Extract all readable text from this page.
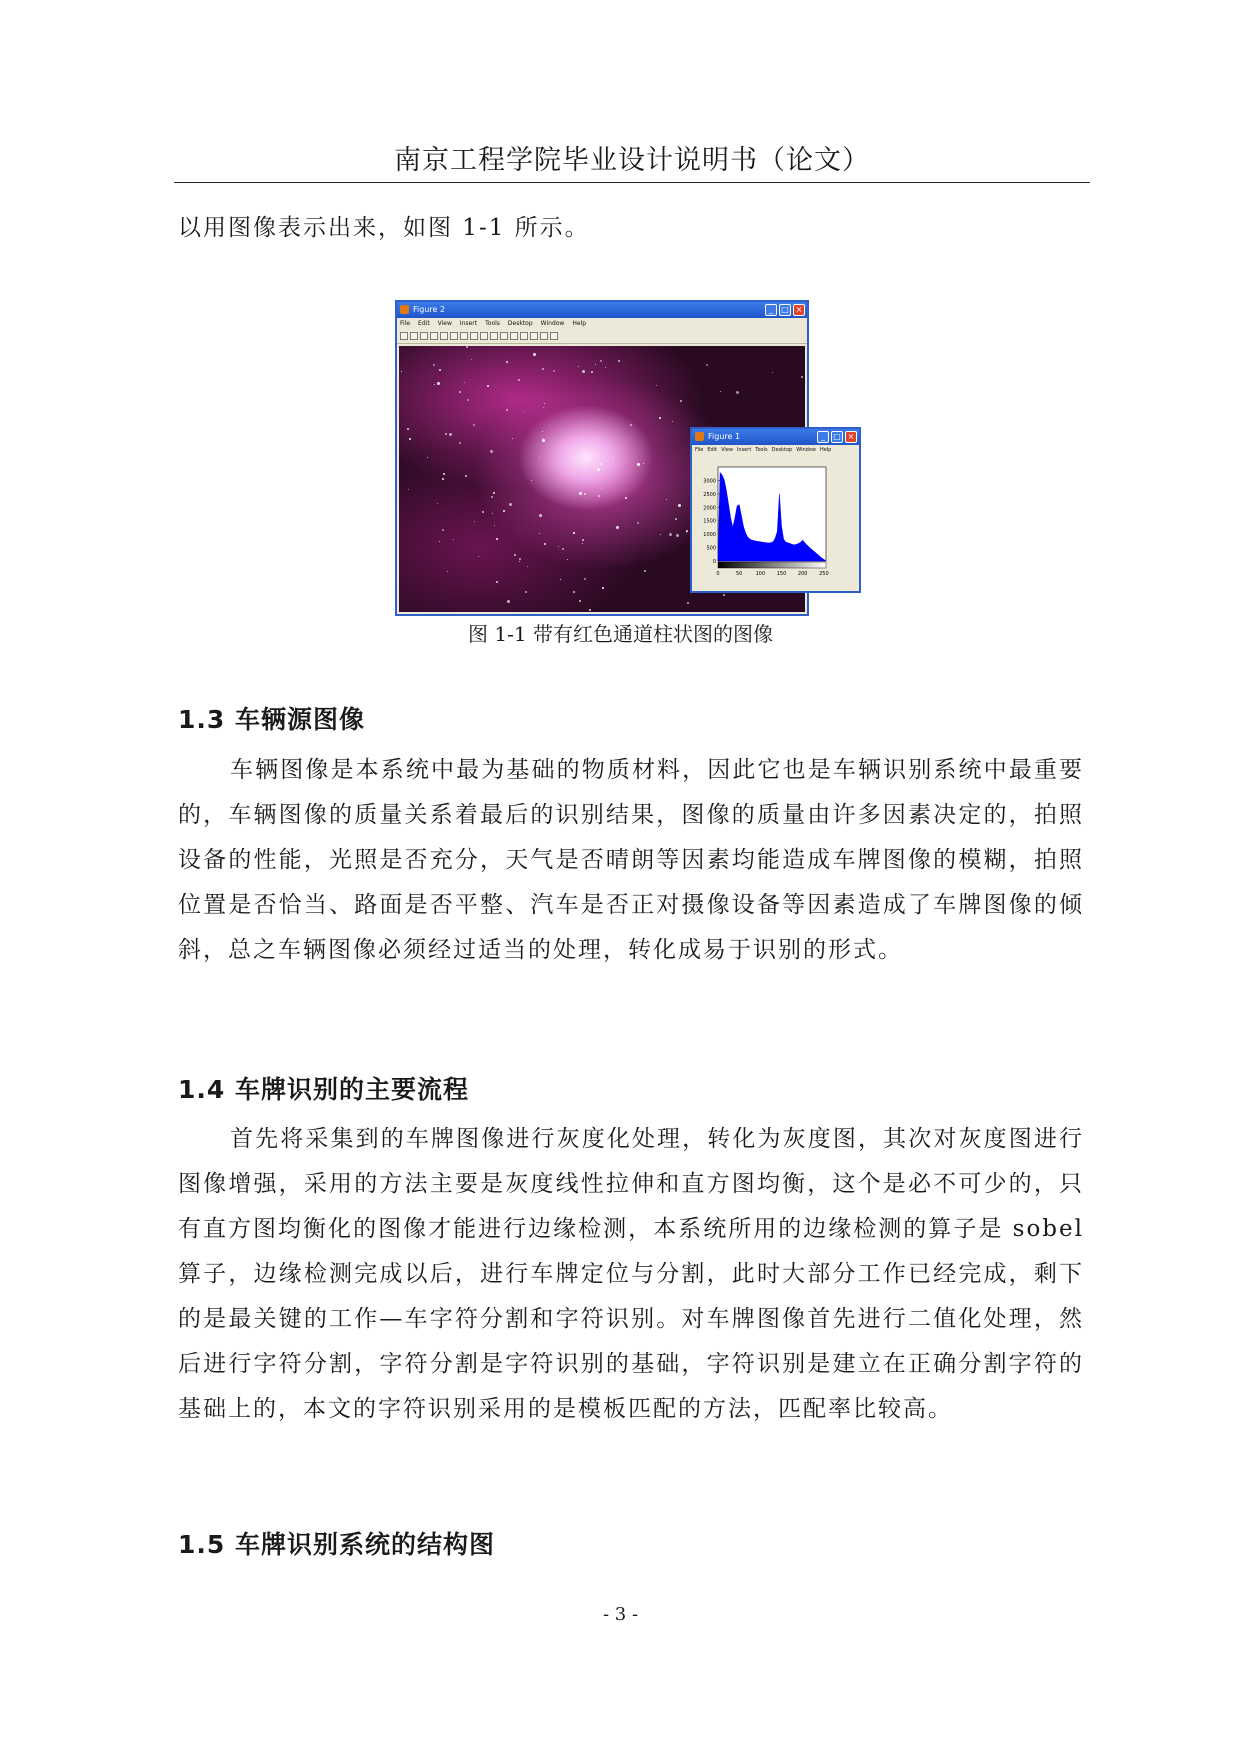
南京工程学院毕业设计说明书（论文）

以用图像表示出来，如图 1-1 所示。

Figure 2	_	□ ×
File Edit View Insert Tools Desktop Window Help
Figure 1	_	□ ×
File Edit View Insert Tools Desktop Window Help
0
500
1000
1500
2000
2500
3000
0	50	100 150 200 250
图 1-1 带有红色通道柱状图的图像
1.3 车辆源图像

车辆图像是本系统中最为基础的物质材料，因此它也是车辆识别系统中最重要的，车辆图像的质量关系着最后的识别结果，图像的质量由许多因素决定的，拍照设备的性能，光照是否充分，天气是否晴朗等因素均能造成车牌图像的模糊，拍照位置是否恰当、路面是否平整、汽车是否正对摄像设备等因素造成了车牌图像的倾斜，总之车辆图像必须经过适当的处理，转化成易于识别的形式。

1.4 车牌识别的主要流程

首先将采集到的车牌图像进行灰度化处理，转化为灰度图，其次对灰度图进行图像增强，采用的方法主要是灰度线性拉伸和直方图均衡，这个是必不可少的，只有直方图均衡化的图像才能进行边缘检测，本系统所用的边缘检测的算子是 sobel 算子，边缘检测完成以后，进行车牌定位与分割，此时大部分工作已经完成，剩下的是最关键的工作—车字符分割和字符识别。对车牌图像首先进行二值化处理，然后进行字符分割，字符分割是字符识别的基础，字符识别是建立在正确分割字符的基础上的，本文的字符识别采用的是模板匹配的方法，匹配率比较高。

1.5 车牌识别系统的结构图
- 3 -
